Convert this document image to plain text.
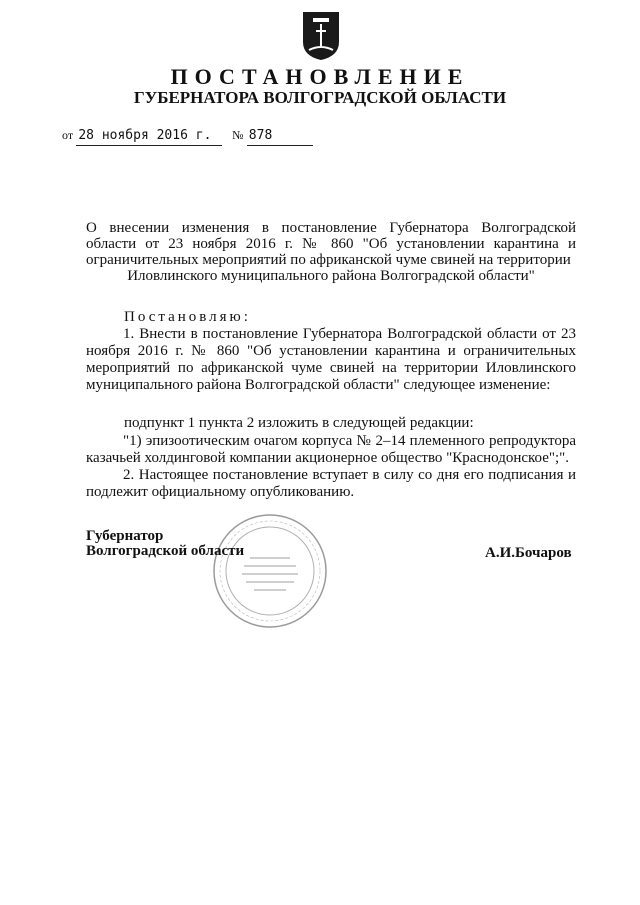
ПОСТАНОВЛЕНИЕ
ГУБЕРНАТОРА ВОЛГОГРАДСКОЙ ОБЛАСТИ
от 28 ноября 2016 г. № 878
О внесении изменения в постановление Губернатора Волгоградской области от 23 ноября 2016 г. № 860 "Об установлении карантина и ограничительных мероприятий по африканской чуме свиней на территории
Иловлинского муниципального района Волгоградской области"
Постановляю:
1. Внести в постановление Губернатора Волгоградской области от 23 ноября 2016 г. № 860 "Об установлении карантина и ограничительных мероприятий по африканской чуме свиней на территории Иловлинского муниципального района Волгоградской области" следующее изменение:
подпункт 1 пункта 2 изложить в следующей редакции:
"1) эпизоотическим очагом корпуса № 2–14 племенного репродуктора казачьей холдинговой компании акционерное общество "Краснодонское";".
2. Настоящее постановление вступает в силу со дня его подписания и подлежит официальному опубликованию.
Губернатор
Волгоградской области	А.И.Бочаров
